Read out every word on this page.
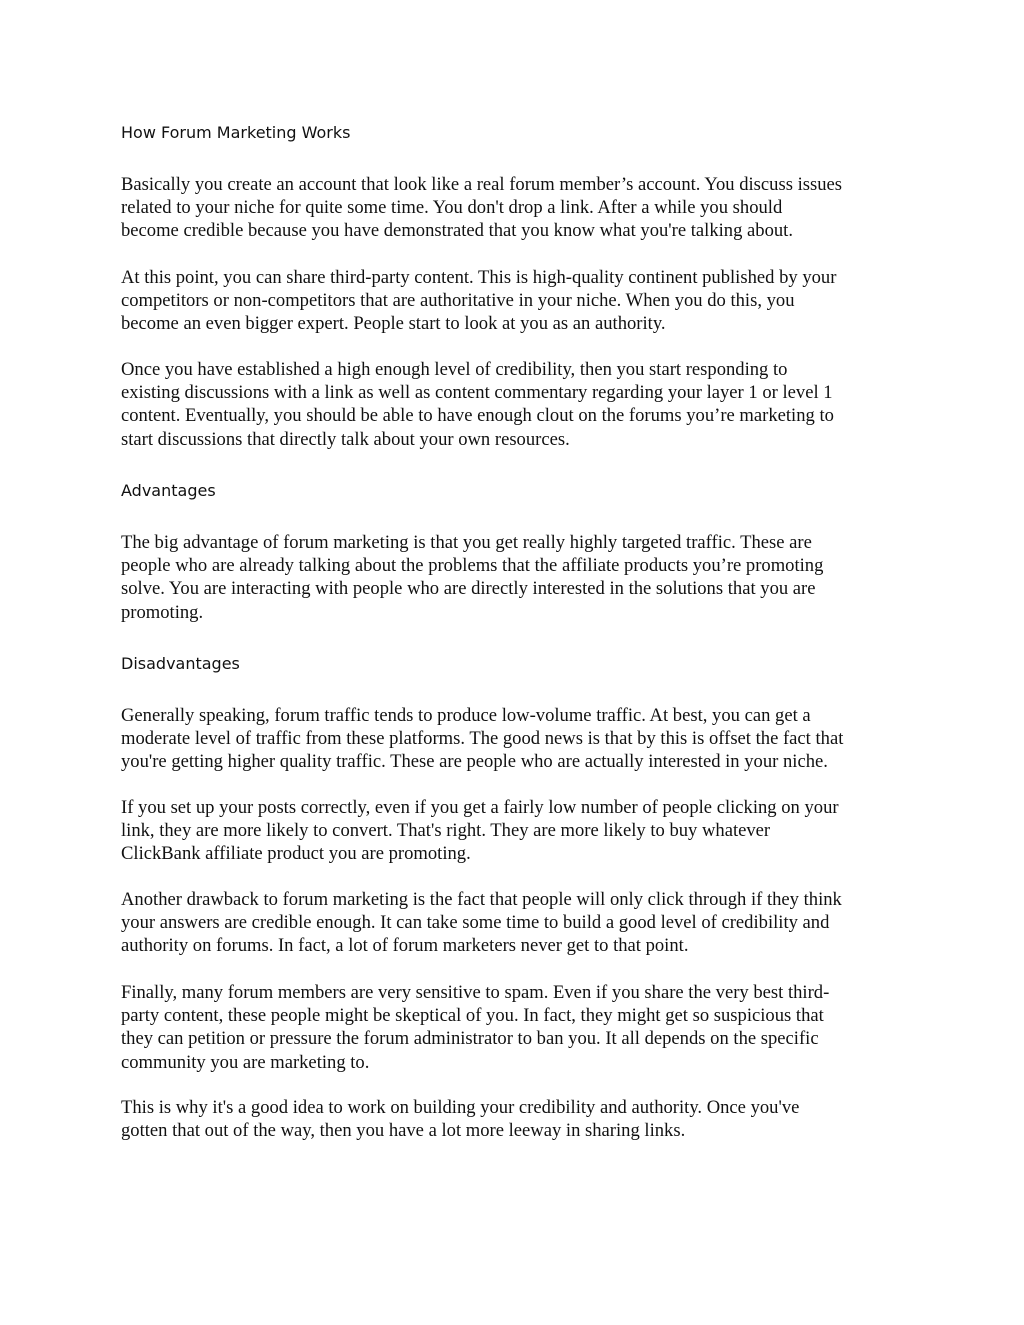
How Forum Marketing Works

Basically you create an account that look like a real forum member’s account. You discuss issues
related to your niche for quite some time. You don't drop a link. After a while you should
become credible because you have demonstrated that you know what you're talking about.

At this point, you can share third-party content. This is high-quality continent published by your
competitors or non-competitors that are authoritative in your niche. When you do this, you
become an even bigger expert. People start to look at you as an authority.

Once you have established a high enough level of credibility, then you start responding to
existing discussions with a link as well as content commentary regarding your layer 1 or level 1
content. Eventually, you should be able to have enough clout on the forums you’re marketing to
start discussions that directly talk about your own resources.

Advantages

The big advantage of forum marketing is that you get really highly targeted traffic. These are
people who are already talking about the problems that the affiliate products you’re promoting
solve. You are interacting with people who are directly interested in the solutions that you are
promoting.

Disadvantages

Generally speaking, forum traffic tends to produce low-volume traffic. At best, you can get a
moderate level of traffic from these platforms. The good news is that by this is offset the fact that
you're getting higher quality traffic. These are people who are actually interested in your niche.

If you set up your posts correctly, even if you get a fairly low number of people clicking on your
link, they are more likely to convert. That's right. They are more likely to buy whatever
ClickBank affiliate product you are promoting.

Another drawback to forum marketing is the fact that people will only click through if they think
your answers are credible enough. It can take some time to build a good level of credibility and
authority on forums. In fact, a lot of forum marketers never get to that point.

Finally, many forum members are very sensitive to spam. Even if you share the very best third-
party content, these people might be skeptical of you. In fact, they might get so suspicious that
they can petition or pressure the forum administrator to ban you. It all depends on the specific
community you are marketing to.

This is why it's a good idea to work on building your credibility and authority. Once you've
gotten that out of the way, then you have a lot more leeway in sharing links.
